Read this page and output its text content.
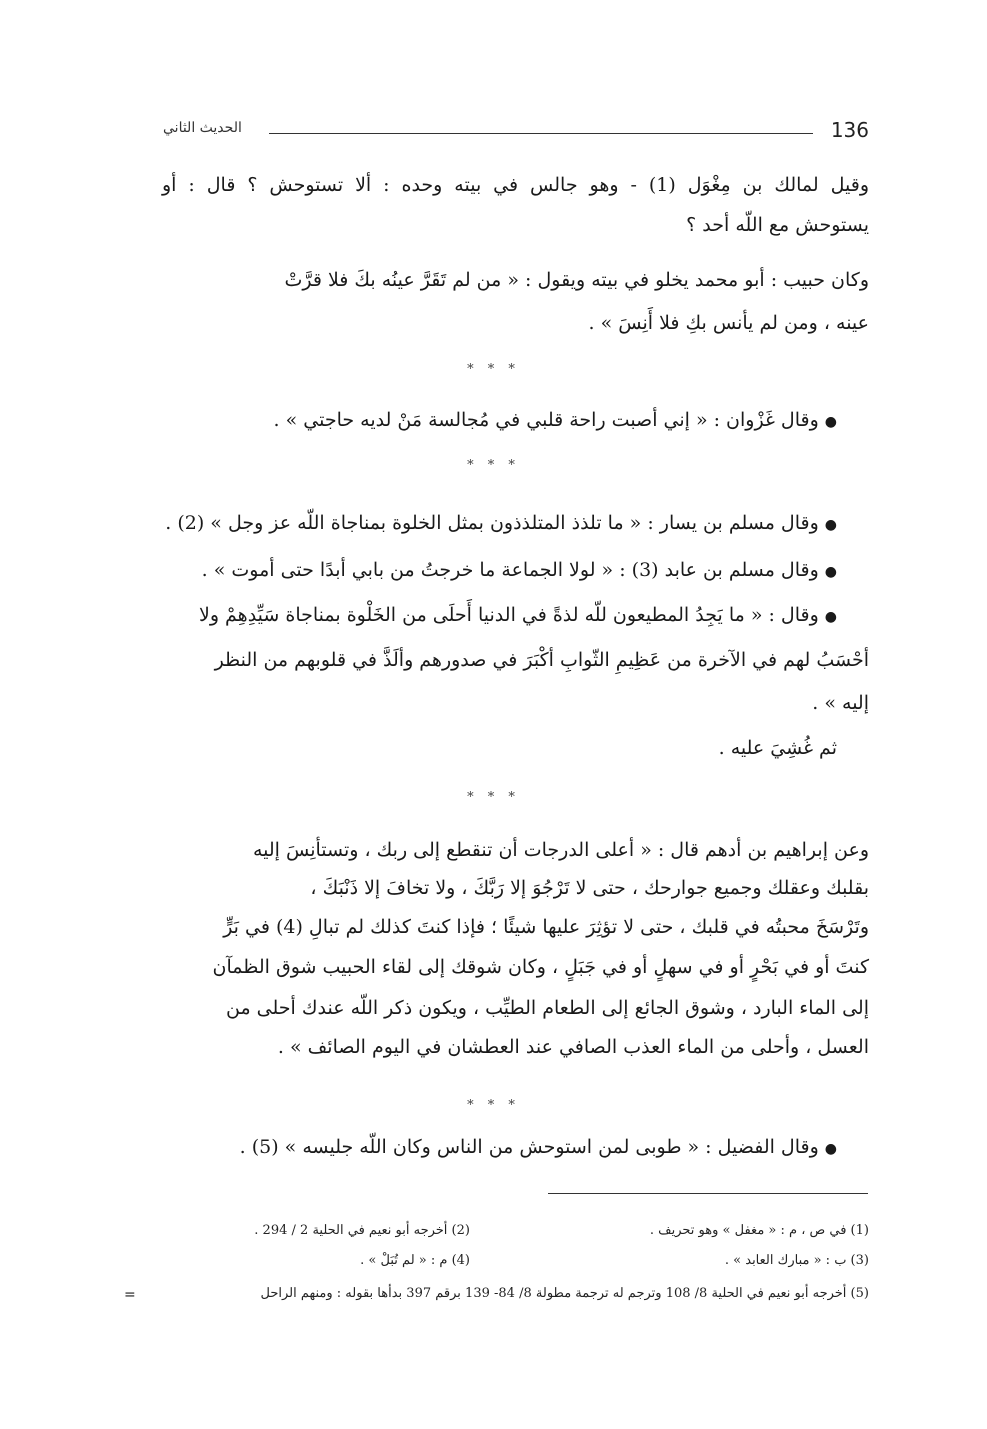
136
الحديث الثاني
وقيل لمالك بن مِغْوَل (1) - وهو جالس في بيته وحده : ألا تستوحش ؟ قال : أو
يستوحش مع اللّه أحد ؟
وكان حبيب : أبو محمد يخلو في بيته ويقول : « من لم تَقَرَّ عينُه بكَ فلا قرَّتْ
عينه ، ومن لم يأنس بكِ فلا أَنِسَ » .
* * *
●وقال غَزْوان : « إني أصبت راحة قلبي في مُجالسة مَنْ لديه حاجتي » .
* * *
●وقال مسلم بن يسار : « ما تلذذ المتلذذون بمثل الخلوة بمناجاة اللّه عز وجل » (2) .
●وقال مسلم بن عابد (3) : « لولا الجماعة ما خرجتُ من بابي أبدًا حتى أموت » .
●وقال : « ما يَجِدُ المطيعون للّه لذةً في الدنيا أَحلَى من الخَلْوة بمناجاة سَيِّدِهِمْ ولا
أحْسَبُ لهم في الآخرة من عَظِيمِ الثّوابِ أكْبَرَ في صدورهم وألَذَّ في قلوبهم من النظر
إليه » .
ثم غُشِيَ عليه .
* * *
وعن إبراهيم بن أدهم قال : « أعلى الدرجات أن تنقطع إلى ربك ، وتستأنِسَ إليه
بقلبك وعقلك وجميع جوارحك ، حتى لا تَرْجُوَ إلا رَبَّكَ ، ولا تخافَ إلا ذَنْبَكَ ،
وتَرْسَخَ محبتُه في قلبك ، حتى لا تؤثِرَ عليها شيئًا ؛ فإذا كنتَ كذلك لم تبالِ (4) في بَرٍّ
كنتَ أو في بَحْرٍ أو في سهلٍ أو في جَبَلٍ ، وكان شوقك إلى لقاء الحبيب شوق الظمآن
إلى الماء البارد ، وشوق الجائع إلى الطعام الطيِّب ، ويكون ذكر اللّه عندك أحلى من
العسل ، وأحلى من الماء العذب الصافي عند العطشان في اليوم الصائف » .
* * *
●وقال الفضيل : « طوبى لمن استوحش من الناس وكان اللّه جليسه » (5) .
(1) في ص ، م : « مغفل » وهو تحريف .
(2) أخرجه أبو نعيم في الحلية 2 / 294 .
(3) ب : « مبارك العابد » .
(4) م : « لم تُبَلْ » .
(5) أخرجه أبو نعيم في الحلية 8/ 108 وترجم له ترجمة مطولة 8/ 84- 139 برقم 397 بدأها بقوله : ومنهم الراحل
=
